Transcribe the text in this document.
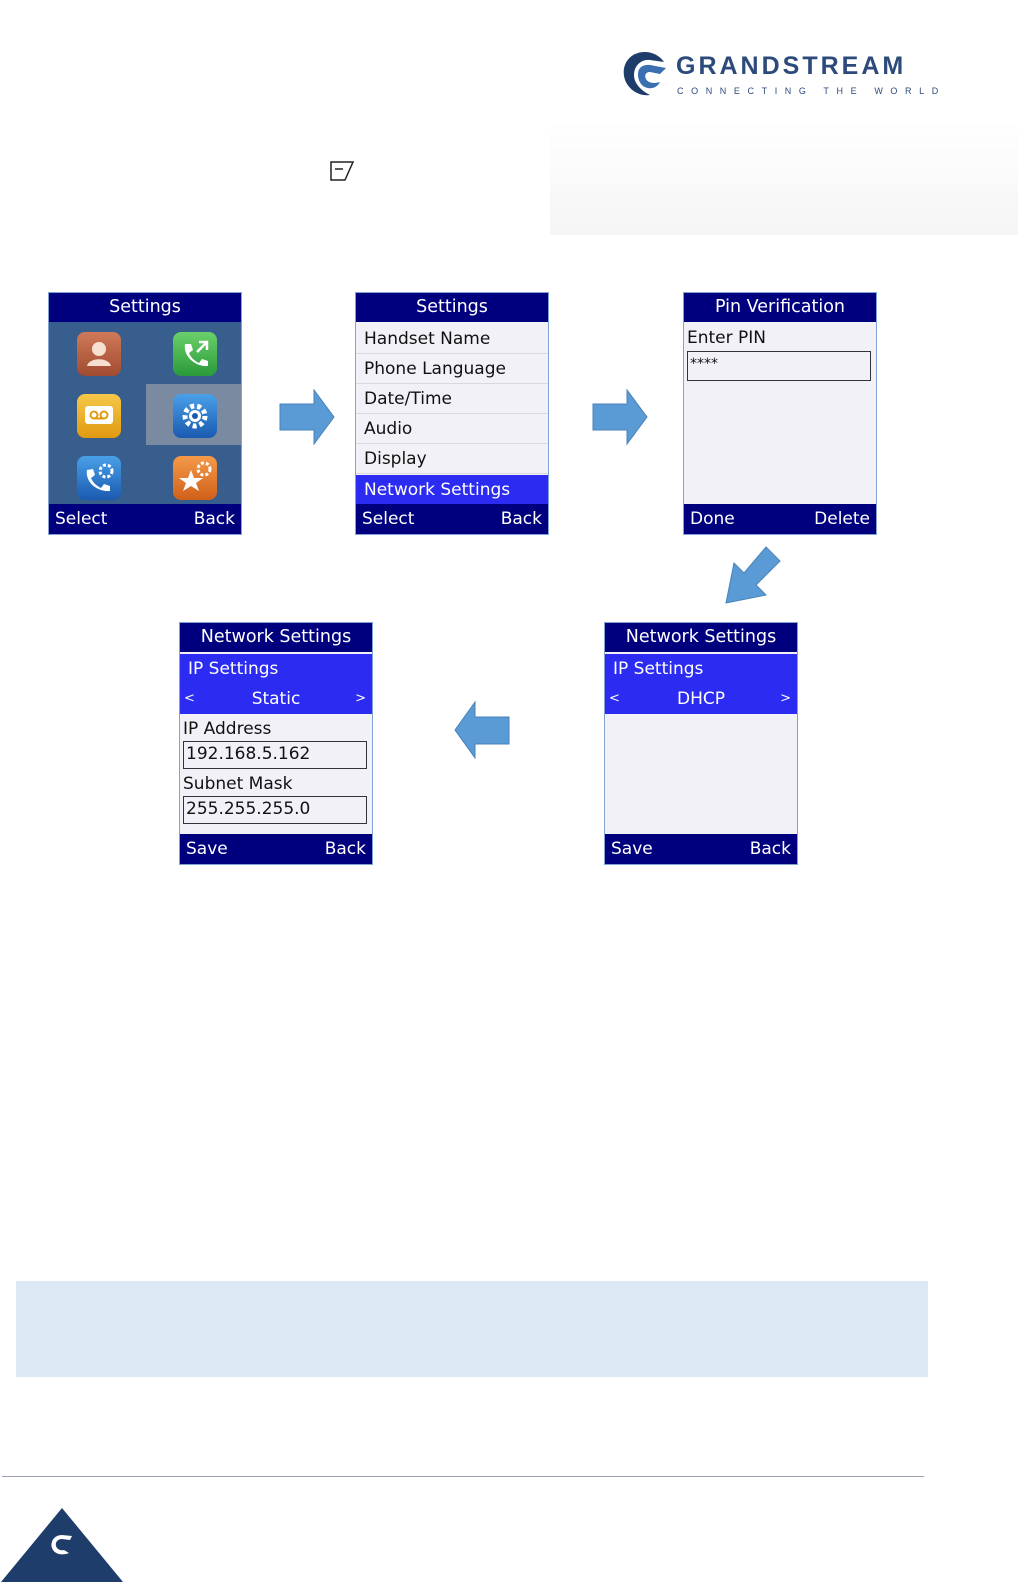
GRANDSTREAM
CONNECTING THE WORLD
Settings
Select	Back
Settings
Handset Name
Phone Language
Date/Time
Audio
Display
Network Settings
Select	Back
Pin Verification
Enter PIN
****
Done	Delete
Network Settings
IP Settings
<	DHCP	>
Save	Back
Network Settings
IP Settings
<	Static	>
IP Address
192.168.5.162
Subnet Mask
255.255.255.0
Save	Back
